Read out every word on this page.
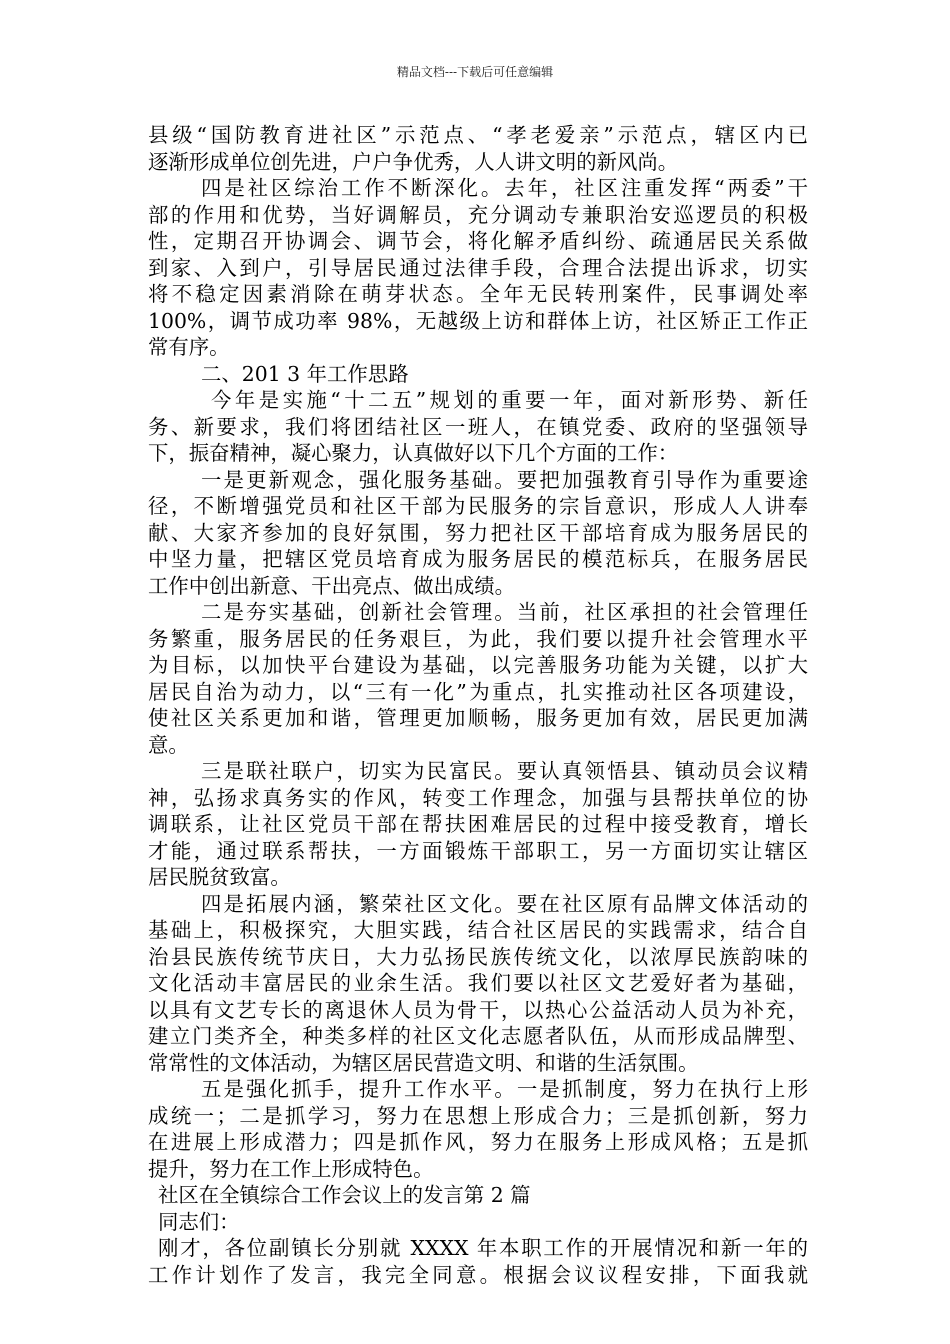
精品文档---下载后可任意编辑
县级“国防教育进社区”示范点、“孝老爱亲”示范点，辖区内已
逐渐形成单位创先进，户户争优秀，人人讲文明的新风尚。
四是社区综治工作不断深化。去年，社区注重发挥“两委”干
部的作用和优势，当好调解员，充分调动专兼职治安巡逻员的积极
性，定期召开协调会、调节会，将化解矛盾纠纷、疏通居民关系做
到家、入到户，引导居民通过法律手段，合理合法提出诉求，切实
将不稳定因素消除在萌芽状态。全年无民转刑案件，民事调处率
100%，调节成功率 98%，无越级上访和群体上访，社区矫正工作正
常有序。
二、201 3 年工作思路
今年是实施“十二五”规划的重要一年，面对新形势、新任
务、新要求，我们将团结社区一班人，在镇党委、政府的坚强领导
下，振奋精神，凝心聚力，认真做好以下几个方面的工作：
一是更新观念，强化服务基础。要把加强教育引导作为重要途
径，不断增强党员和社区干部为民服务的宗旨意识，形成人人讲奉
献、大家齐参加的良好氛围，努力把社区干部培育成为服务居民的
中坚力量，把辖区党员培育成为服务居民的模范标兵，在服务居民
工作中创出新意、干出亮点、做出成绩。
二是夯实基础，创新社会管理。当前，社区承担的社会管理任
务繁重，服务居民的任务艰巨，为此，我们要以提升社会管理水平
为目标，以加快平台建设为基础，以完善服务功能为关键，以扩大
居民自治为动力，以“三有一化”为重点，扎实推动社区各项建设，
使社区关系更加和谐，管理更加顺畅，服务更加有效，居民更加满
意。
三是联社联户，切实为民富民。要认真领悟县、镇动员会议精
神，弘扬求真务实的作风，转变工作理念，加强与县帮扶单位的协
调联系，让社区党员干部在帮扶困难居民的过程中接受教育，增长
才能，通过联系帮扶，一方面锻炼干部职工，另一方面切实让辖区
居民脱贫致富。
四是拓展内涵，繁荣社区文化。要在社区原有品牌文体活动的
基础上，积极探究，大胆实践，结合社区居民的实践需求，结合自
治县民族传统节庆日，大力弘扬民族传统文化，以浓厚民族韵味的
文化活动丰富居民的业余生活。我们要以社区文艺爱好者为基础，
以具有文艺专长的离退休人员为骨干，以热心公益活动人员为补充，
建立门类齐全，种类多样的社区文化志愿者队伍，从而形成品牌型、
常常性的文体活动，为辖区居民营造文明、和谐的生活氛围。
五是强化抓手，提升工作水平。一是抓制度，努力在执行上形
成统一；二是抓学习，努力在思想上形成合力；三是抓创新，努力
在进展上形成潜力；四是抓作风，努力在服务上形成风格；五是抓
提升，努力在工作上形成特色。
社区在全镇综合工作会议上的发言第 2 篇
同志们：
刚才，各位副镇长分别就 XXXX 年本职工作的开展情况和新一年的
工作计划作了发言，我完全同意。根据会议议程安排，下面我就
